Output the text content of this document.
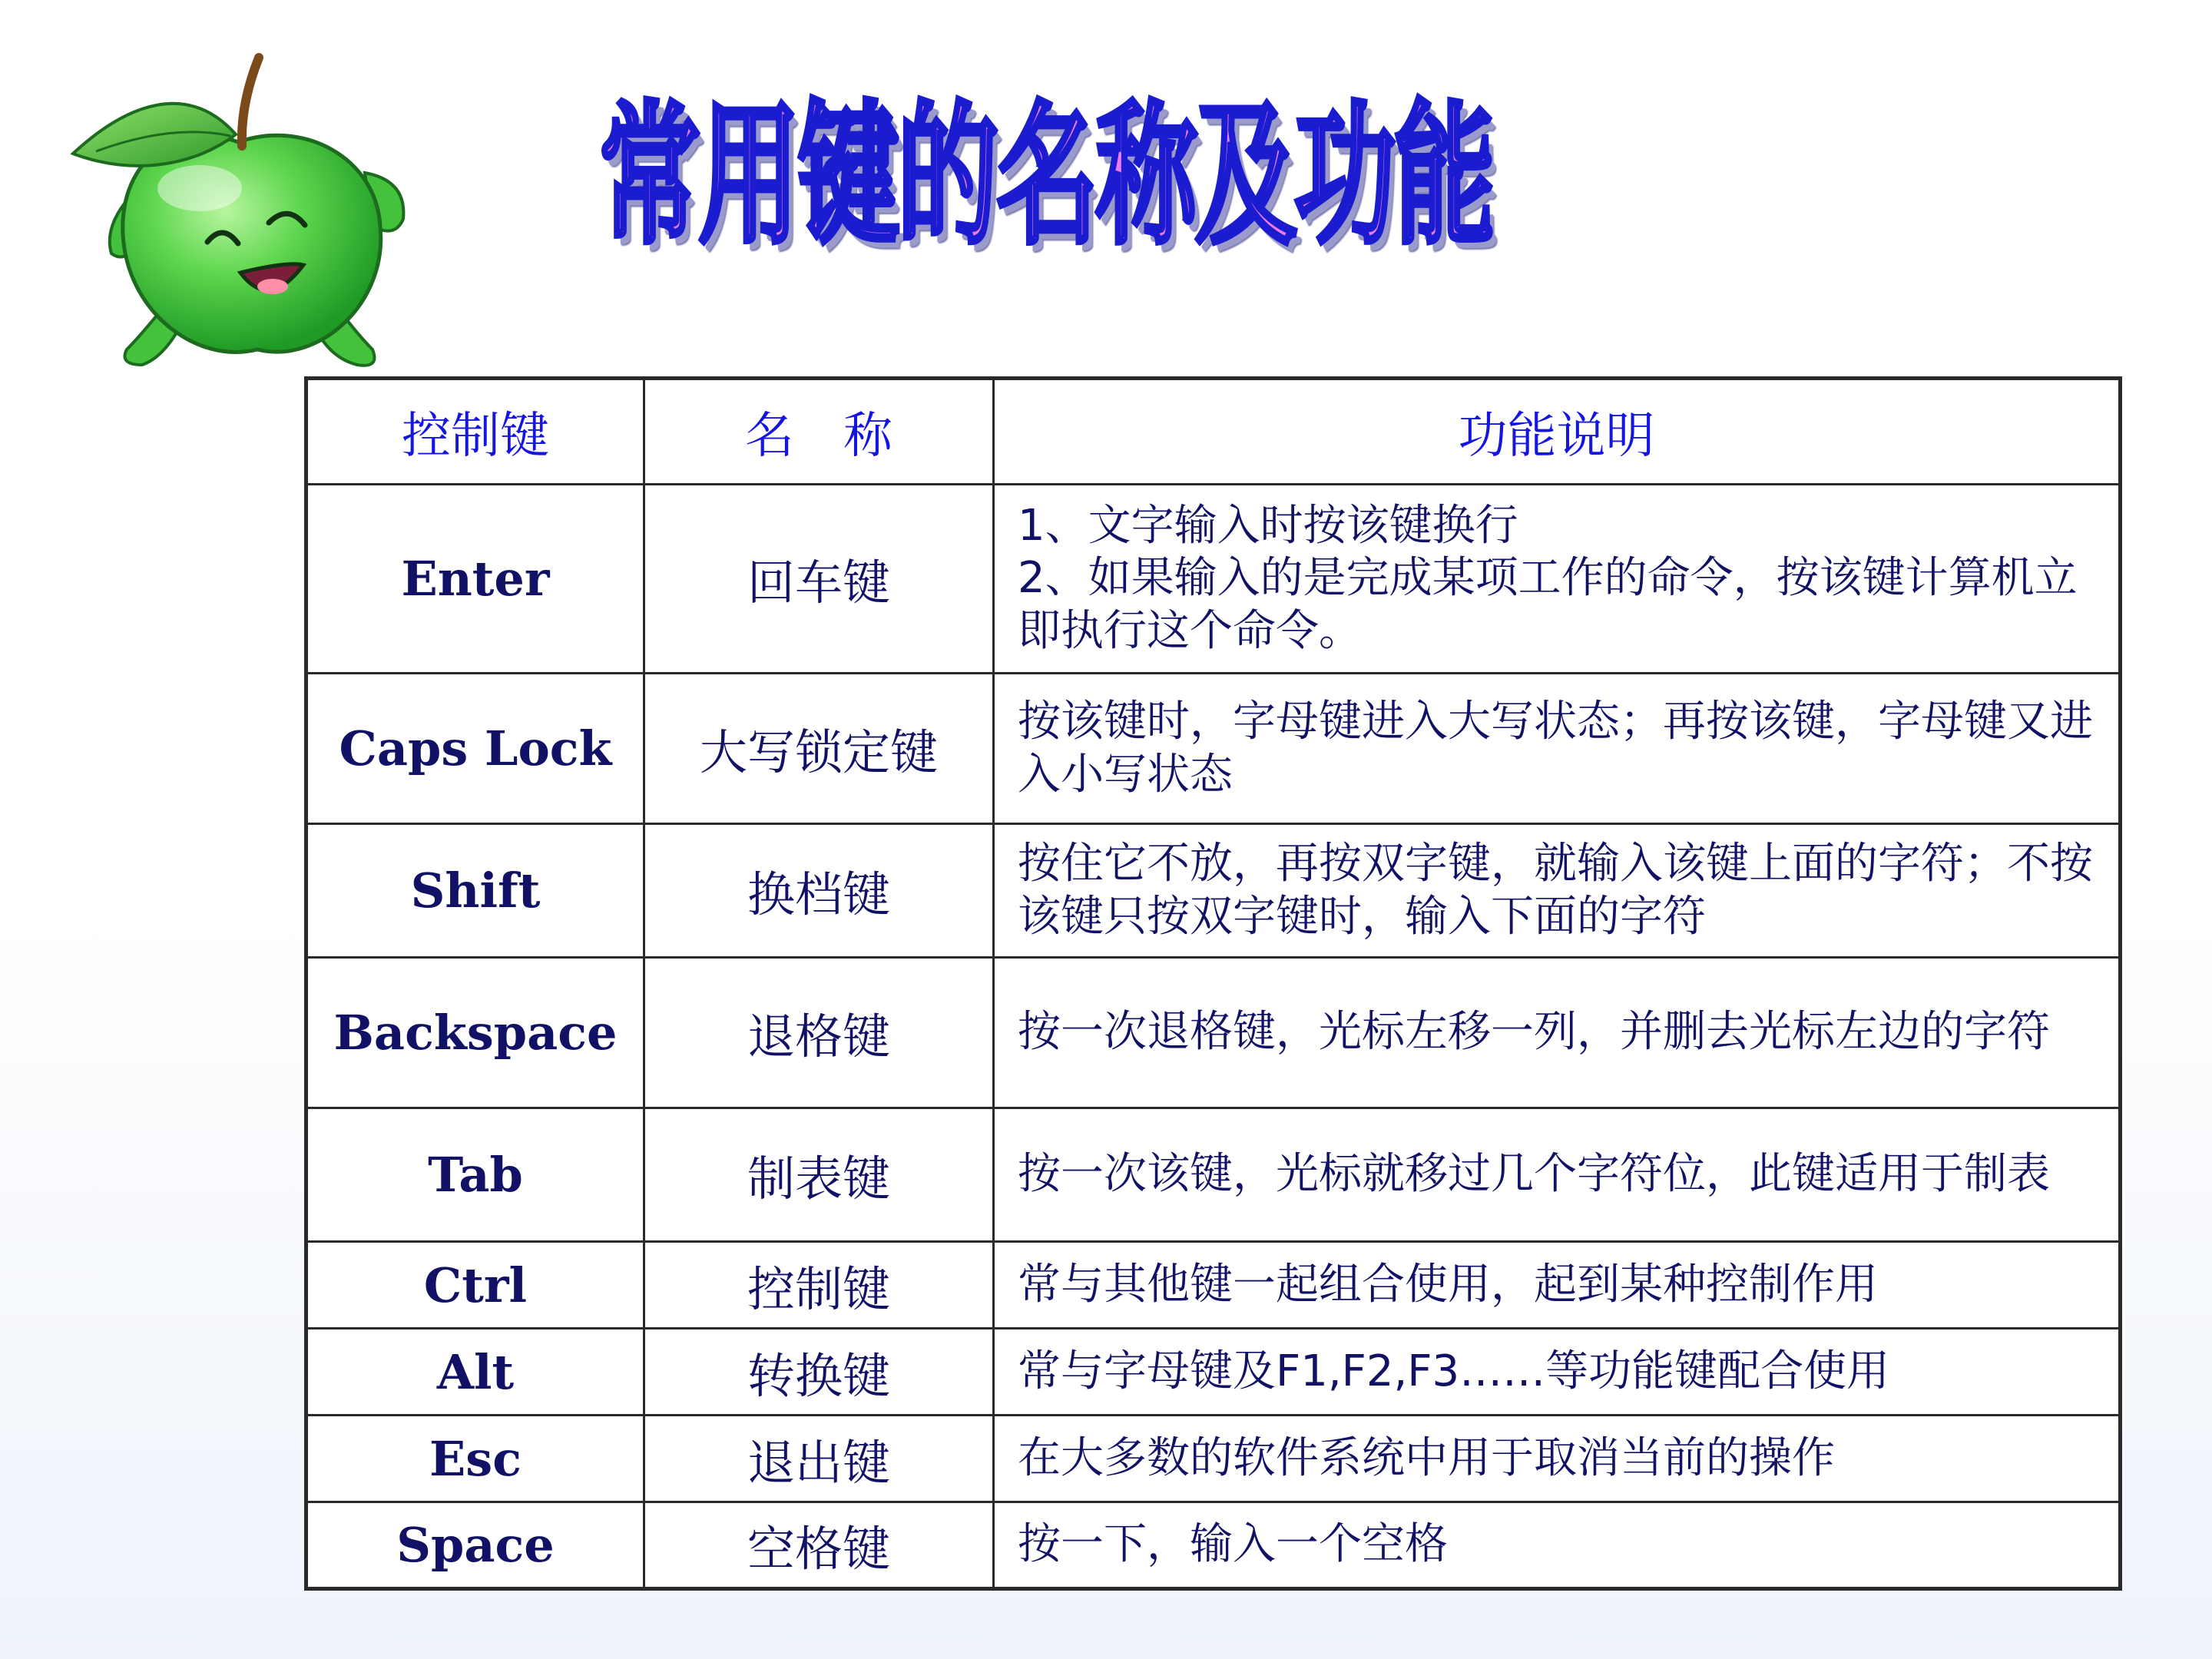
常用键的名称及功能
控制键	名　称	功能说明
Enter	回车键	1、文字输入时按该键换行
2、如果输入的是完成某项工作的命令，按该键计算机立即执行这个命令。

Caps Lock	大写锁定键	按该键时，字母键进入大写状态；再按该键，字母键又进入小写状态

Shift	换档键	按住它不放，再按双字键，就输入该键上面的字符；不按该键只按双字键时，输入下面的字符

Backspace	退格键	按一次退格键，光标左移一列，并删去光标左边的字符

Tab	制表键	按一次该键，光标就移过几个字符位，此键适用于制表

Ctrl	控制键	常与其他键一起组合使用，起到某种控制作用

Alt	转换键	常与字母键及F1,F2,F3……等功能键配合使用

Esc	退出键	在大多数的软件系统中用于取消当前的操作

Space	空格键	按一下，输入一个空格
